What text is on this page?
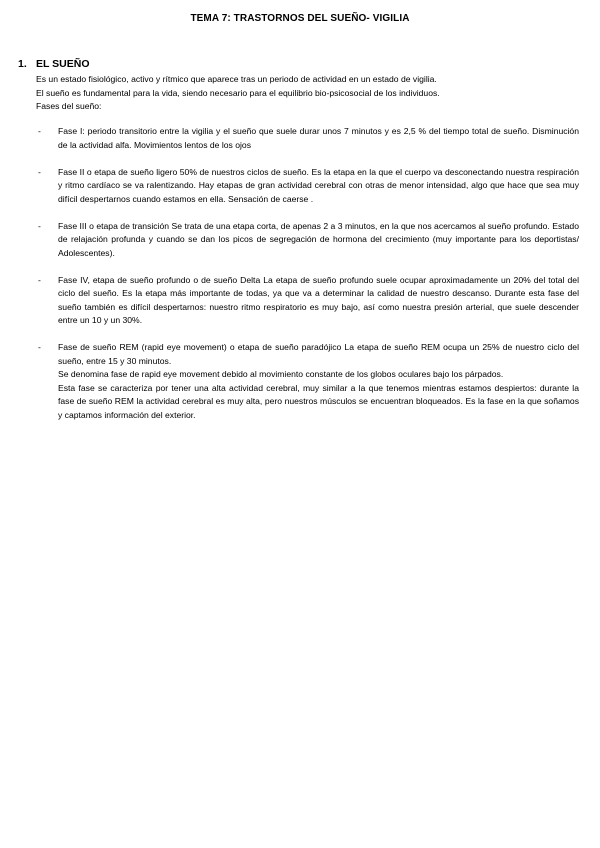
TEMA 7: TRASTORNOS DEL SUEÑO- VIGILIA
1. EL SUEÑO

Es un estado fisiológico, activo y rítmico que aparece tras un periodo de actividad en un estado de vigilia.

El sueño es fundamental para la vida, siendo necesario para el equilibrio bio-psicosocial de los individuos.

Fases del sueño:

- Fase I: periodo transitorio entre la vigilia y el sueño que suele durar unos 7 minutos y es 2,5 % del tiempo total de sueño. Disminución de la actividad alfa. Movimientos lentos de los ojos

- Fase II o etapa de sueño ligero 50% de nuestros ciclos de sueño. Es la etapa en la que el cuerpo va desconectando nuestra respiración y ritmo cardíaco se va ralentizando. Hay etapas de gran actividad cerebral con otras de menor intensidad, algo que hace que sea muy difícil despertarnos cuando estamos en ella. Sensación de caerse .

- Fase III o etapa de transición Se trata de una etapa corta, de apenas 2 a 3 minutos, en la que nos acercamos al sueño profundo. Estado de relajación profunda y cuando se dan los picos de segregación de hormona del crecimiento (muy importante para los deportistas/ Adolescentes).

- Fase IV, etapa de sueño profundo o de sueño Delta La etapa de sueño profundo suele ocupar aproximadamente un 20% del total del ciclo del sueño. Es la etapa más importante de todas, ya que va a determinar la calidad de nuestro descanso. Durante esta fase del sueño también es difícil despertarnos: nuestro ritmo respiratorio es muy bajo, así como nuestra presión arterial, que suele descender entre un 10 y un 30%.

- Fase de sueño REM (rapid eye movement) o etapa de sueño paradójico La etapa de sueño REM ocupa un 25% de nuestro ciclo del sueño, entre 15 y 30 minutos.

Se denomina fase de rapid eye movement debido al movimiento constante de los globos oculares bajo los párpados.

Esta fase se caracteriza por tener una alta actividad cerebral, muy similar a la que tenemos mientras estamos despiertos: durante la fase de sueño REM la actividad cerebral es muy alta, pero nuestros músculos se encuentran bloqueados. Es la fase en la que soñamos y captamos información del exterior.
